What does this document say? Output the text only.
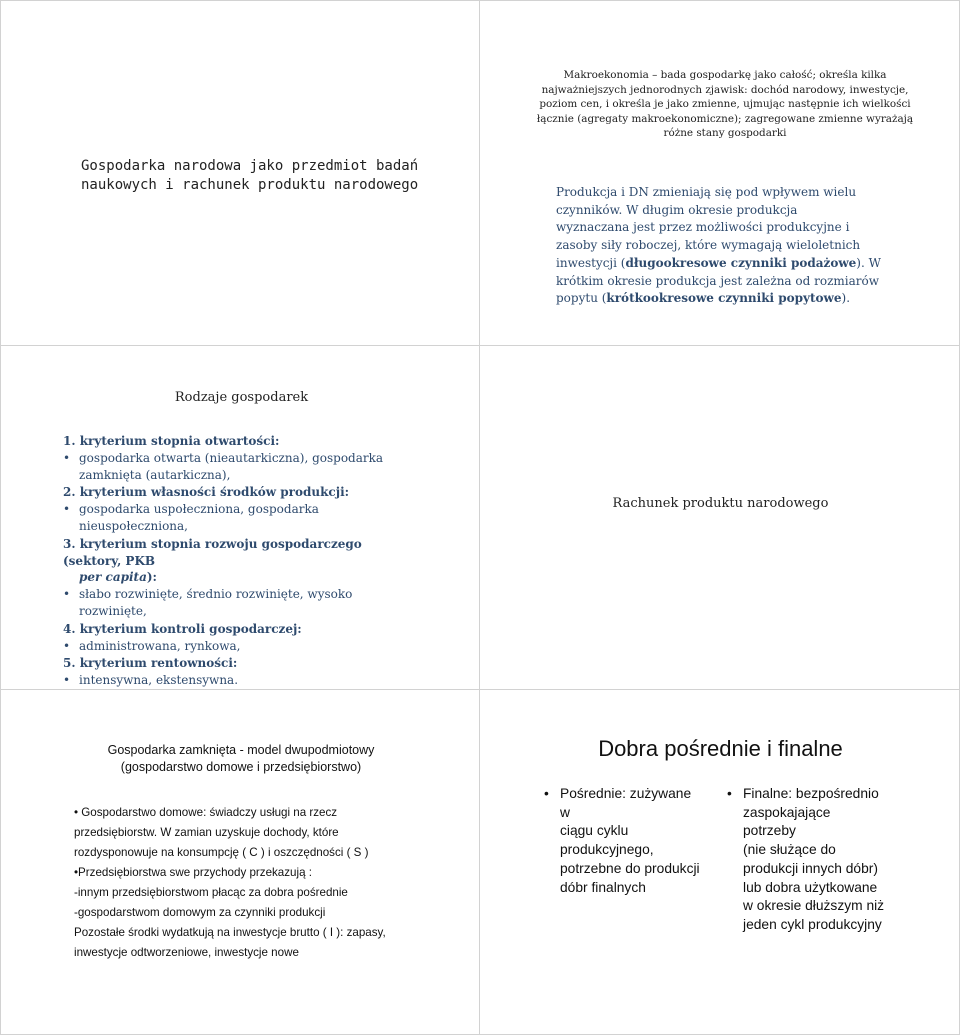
Gospodarka narodowa jako przedmiot badań
naukowych i rachunek produktu narodowego
Makroekonomia – bada gospodarkę jako całość; określa kilka
najważniejszych jednorodnych zjawisk: dochód narodowy, inwestycje,
poziom cen, i określa je jako zmienne, ujmując następnie ich wielkości
łącznie (agregaty makroekonomiczne); zagregowane zmienne wyrażają
różne stany gospodarki
Produkcja i DN zmieniają się pod wpływem wielu
czynników. W długim okresie produkcja
wyznaczana jest przez możliwości produkcyjne i
zasoby siły roboczej, które wymagają wieloletnich
inwestycji (długookresowe czynniki podażowe). W
krótkim okresie produkcja jest zależna od rozmiarów
popytu (krótkookresowe czynniki popytowe).
Rodzaje gospodarek
1. kryterium stopnia otwartości:
• gospodarka otwarta (nieautarkiczna), gospodarka
zamknięta (autarkiczna),
2. kryterium własności środków produkcji:
• gospodarka uspołeczniona, gospodarka
nieuspołeczniona,
3. kryterium stopnia rozwoju gospodarczego (sektory, PKB
per capita):
• słabo rozwinięte, średnio rozwinięte, wysoko rozwinięte,
4. kryterium kontroli gospodarczej:
• administrowana, rynkowa,
5. kryterium rentowności:
• intensywna, ekstensywna.
Rachunek produktu narodowego
Gospodarka zamknięta - model dwupodmiotowy
(gospodarstwo domowe i przedsiębiorstwo)
• Gospodarstwo domowe: świadczy usługi na rzecz
przedsiębiorstw. W zamian uzyskuje dochody, które
rozdysponowuje na konsumpcję ( C ) i oszczędności ( S )
•Przedsiębiorstwa swe przychody przekazują :
-innym przedsiębiorstwom płacąc za dobra pośrednie
-gospodarstwom domowym za czynniki produkcji
Pozostałe środki wydatkują na inwestycje brutto ( I ): zapasy,
inwestycje odtworzeniowe, inwestycje nowe
Dobra pośrednie i finalne
• Pośrednie: zużywane w
ciągu cyklu
produkcyjnego,
potrzebne do produkcji
dóbr finalnych
• Finalne: bezpośrednio
zaspokajające potrzeby
(nie służące do
produkcji innych dóbr)
lub dobra użytkowane
w okresie dłuższym niż
jeden cykl produkcyjny
